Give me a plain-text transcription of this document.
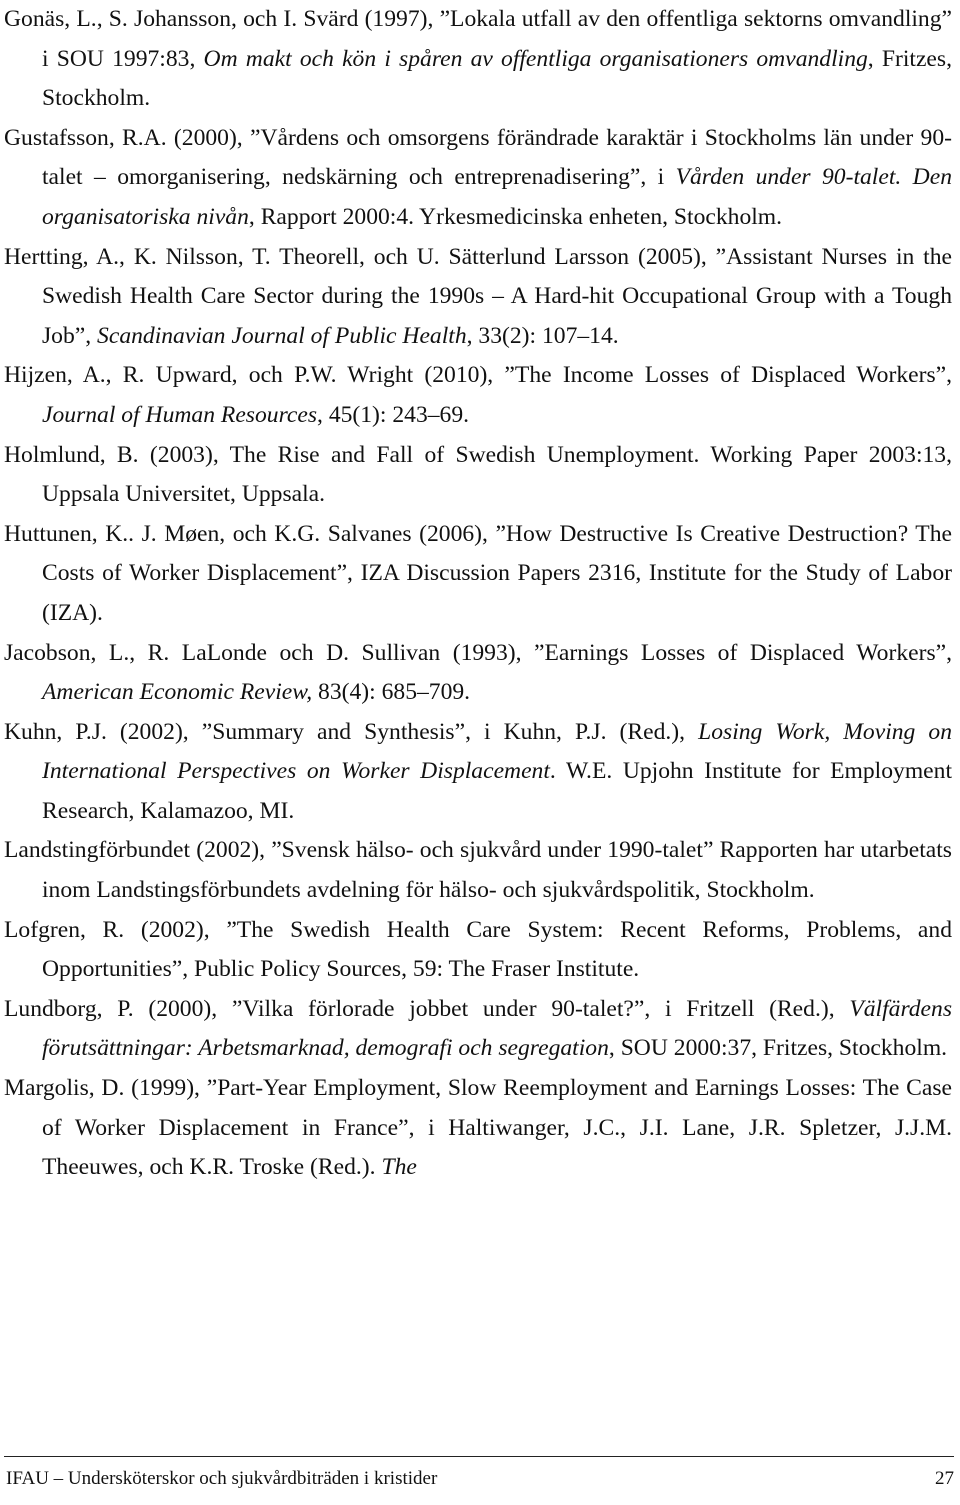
Gonäs, L., S. Johansson, och I. Svärd (1997), ”Lokala utfall av den offentliga sektorns omvandling” i SOU 1997:83, Om makt och kön i spåren av offentliga organisationers omvandling, Fritzes, Stockholm.

Gustafsson, R.A. (2000), ”Vårdens och omsorgens förändrade karaktär i Stockholms län under 90-talet – omorganisering, nedskärning och entreprenadisering”, i Vården under 90-talet. Den organisatoriska nivån, Rapport 2000:4. Yrkesmedicinska enheten, Stockholm.

Hertting, A., K. Nilsson, T. Theorell, och U. Sätterlund Larsson (2005), ”Assistant Nurses in the Swedish Health Care Sector during the 1990s – A Hard-hit Occupational Group with a Tough Job”, Scandinavian Journal of Public Health, 33(2): 107–14.

Hijzen, A., R. Upward, och P.W. Wright (2010), ”The Income Losses of Displaced Workers”, Journal of Human Resources, 45(1): 243–69.

Holmlund, B. (2003), The Rise and Fall of Swedish Unemployment. Working Paper 2003:13, Uppsala Universitet, Uppsala.

Huttunen, K.. J. Møen, och K.G. Salvanes (2006), ”How Destructive Is Creative Destruction? The Costs of Worker Displacement”, IZA Discussion Papers 2316, Institute for the Study of Labor (IZA).

Jacobson, L., R. LaLonde och D. Sullivan (1993), ”Earnings Losses of Displaced Workers”, American Economic Review, 83(4): 685–709.

Kuhn, P.J. (2002), ”Summary and Synthesis”, i Kuhn, P.J. (Red.), Losing Work, Moving on International Perspectives on Worker Displacement. W.E. Upjohn Institute for Employment Research, Kalamazoo, MI.

Landstingförbundet (2002), ”Svensk hälso- och sjukvård under 1990-talet” Rapporten har utarbetats inom Landstingsförbundets avdelning för hälso- och sjukvårdspolitik, Stockholm.

Lofgren, R. (2002), ”The Swedish Health Care System: Recent Reforms, Problems, and Opportunities”, Public Policy Sources, 59: The Fraser Institute.

Lundborg, P. (2000), ”Vilka förlorade jobbet under 90-talet?”, i Fritzell (Red.), Välfärdens förutsättningar: Arbetsmarknad, demografi och segregation, SOU 2000:37, Fritzes, Stockholm.

Margolis, D. (1999), ”Part-Year Employment, Slow Reemployment and Earnings Losses: The Case of Worker Displacement in France”, i Haltiwanger, J.C., J.I. Lane, J.R. Spletzer, J.J.M. Theeuwes, och K.R. Troske (Red.). The

IFAU – Undersköterskor och sjukvårdbiträden i kristider	27
